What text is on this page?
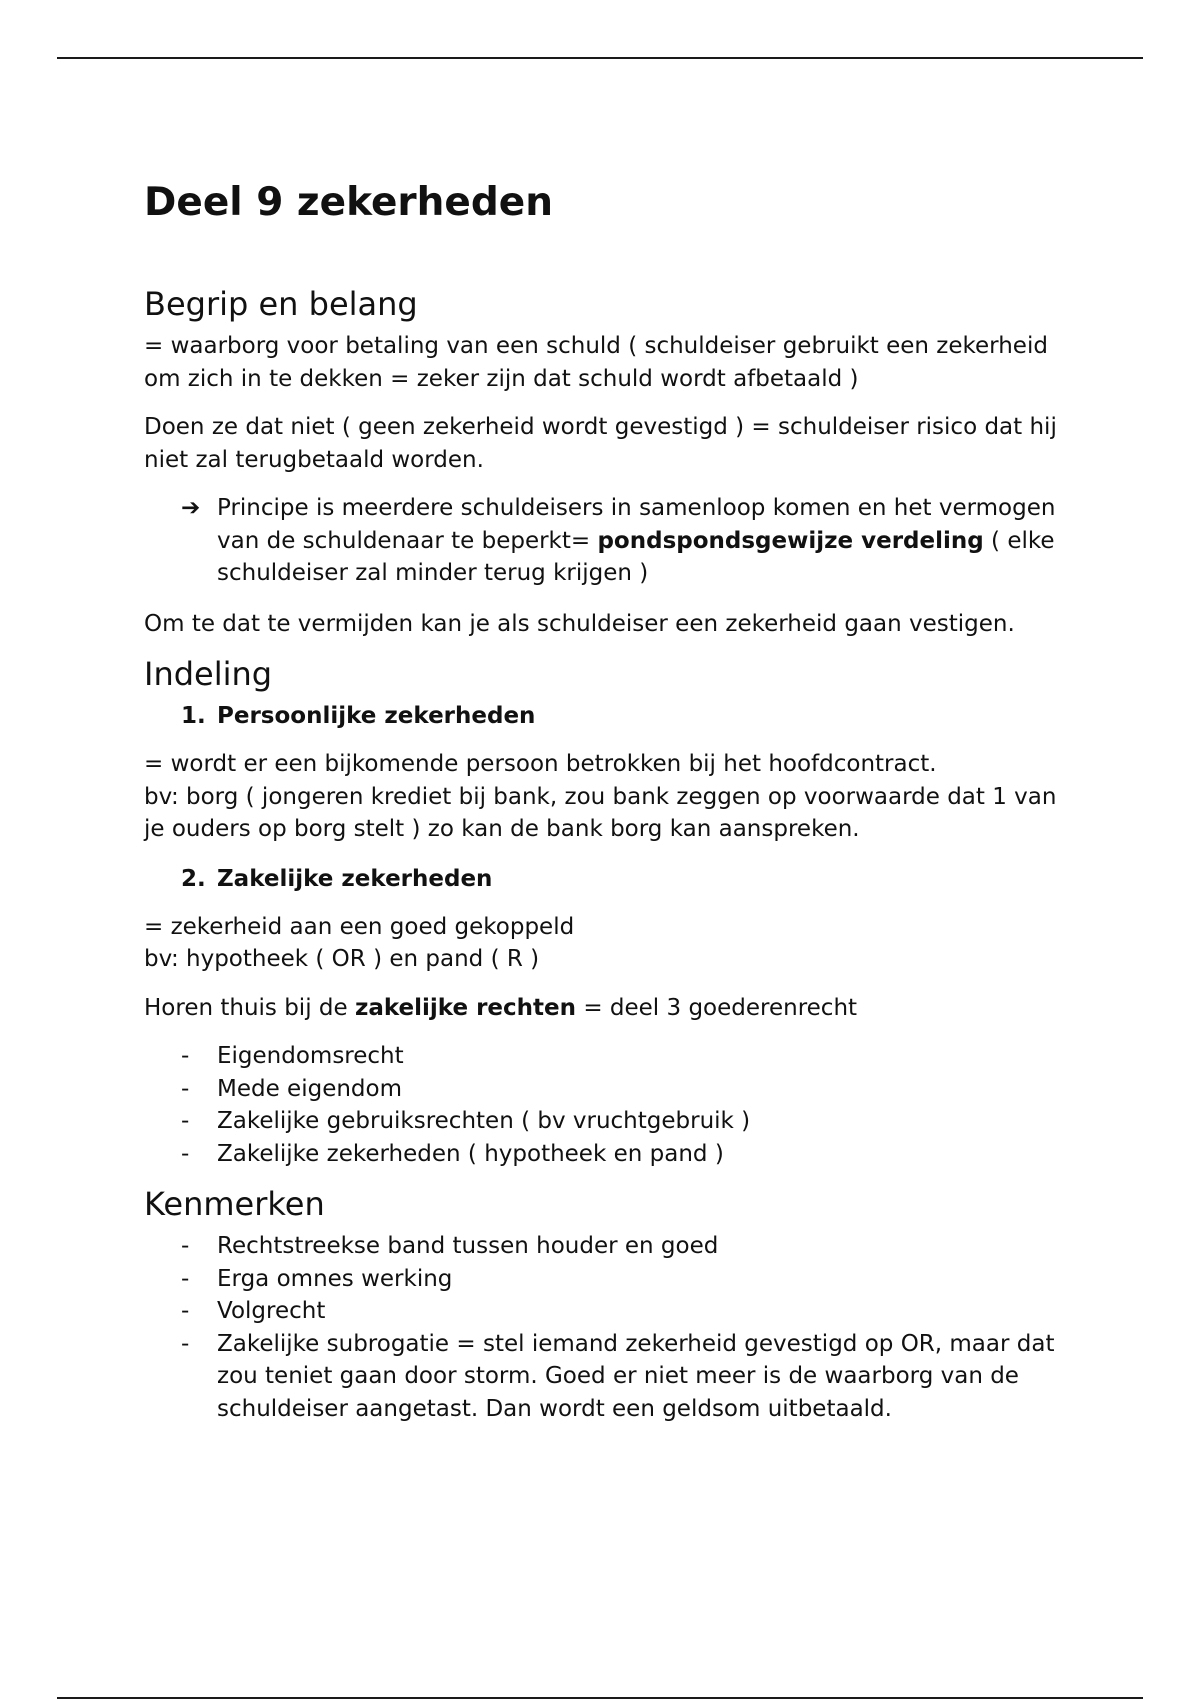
Deel 9 zekerheden
Begrip en belang

= waarborg voor betaling van een schuld ( schuldeiser gebruikt een zekerheid om zich in te dekken = zeker zijn dat schuld wordt afbetaald )

Doen ze dat niet ( geen zekerheid wordt gevestigd ) = schuldeiser risico dat hij niet zal terugbetaald worden.

➔ Principe is meerdere schuldeisers in samenloop komen en het vermogen van de schuldenaar te beperkt= pondspondsgewijze verdeling ( elke schuldeiser zal minder terug krijgen )

Om te dat te vermijden kan je als schuldeiser een zekerheid gaan vestigen.

Indeling
1. Persoonlijke zekerheden

= wordt er een bijkomende persoon betrokken bij het hoofdcontract.

bv: borg ( jongeren krediet bij bank, zou bank zeggen op voorwaarde dat 1 van je ouders op borg stelt ) zo kan de bank borg kan aanspreken.

2. Zakelijke zekerheden

= zekerheid aan een goed gekoppeld

bv: hypotheek ( OR ) en pand ( R )

Horen thuis bij de zakelijke rechten = deel 3 goederenrecht

- Eigendomsrecht
- Mede eigendom
- Zakelijke gebruiksrechten ( bv vruchtgebruik )
- Zakelijke zekerheden ( hypotheek en pand )
Kenmerken
- Rechtstreekse band tussen houder en goed
- Erga omnes werking
- Volgrecht
- Zakelijke subrogatie = stel iemand zekerheid gevestigd op OR, maar dat zou teniet gaan door storm. Goed er niet meer is de waarborg van de schuldeiser aangetast. Dan wordt een geldsom uitbetaald.
